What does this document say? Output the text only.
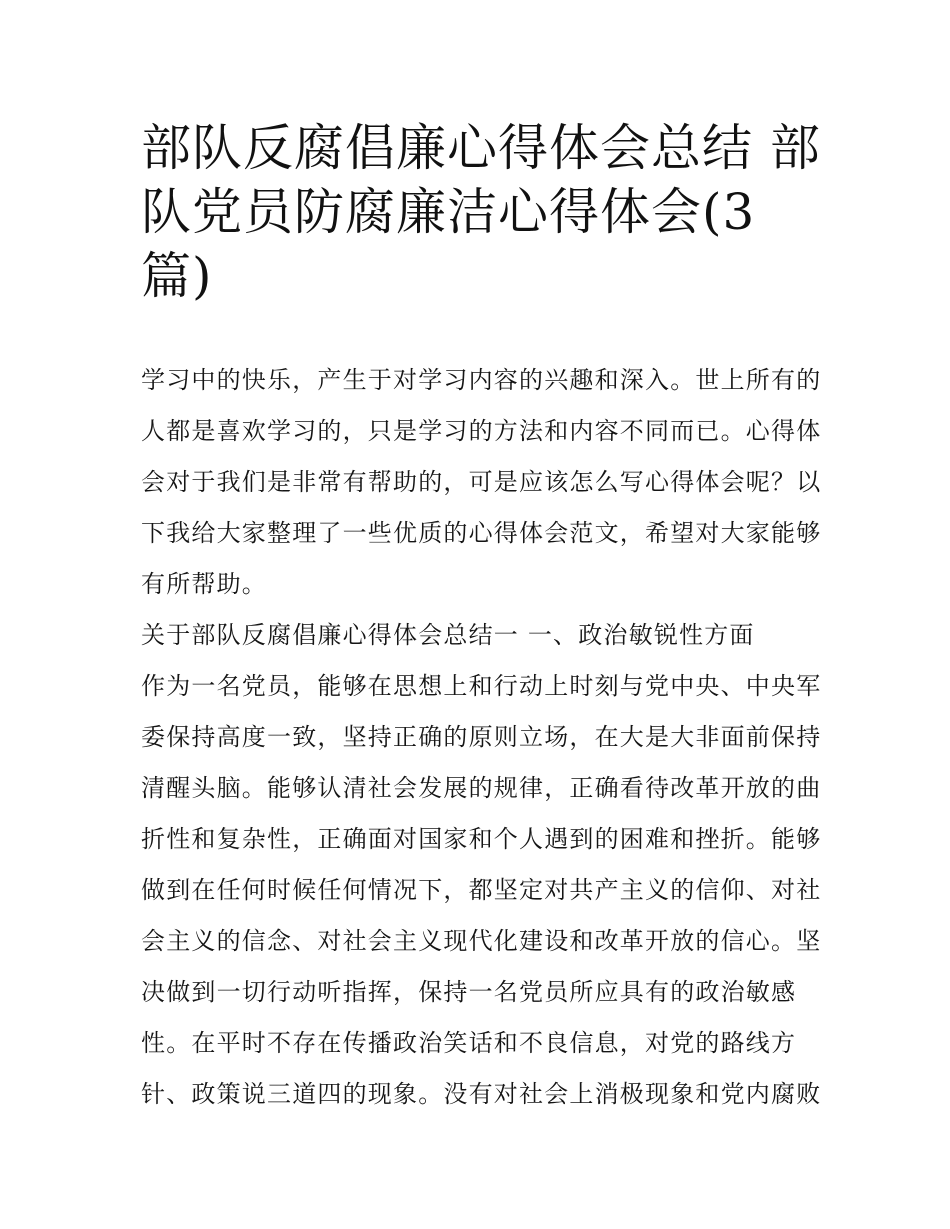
部队反腐倡廉心得体会总结 部
队党员防腐廉洁心得体会(3
篇)
学习中的快乐，产生于对学习内容的兴趣和深入。世上所有的
人都是喜欢学习的，只是学习的方法和内容不同而已。心得体
会对于我们是非常有帮助的，可是应该怎么写心得体会呢？以
下我给大家整理了一些优质的心得体会范文，希望对大家能够
有所帮助。
关于部队反腐倡廉心得体会总结一 一、政治敏锐性方面
作为一名党员，能够在思想上和行动上时刻与党中央、中央军
委保持高度一致，坚持正确的原则立场，在大是大非面前保持
清醒头脑。能够认清社会发展的规律，正确看待改革开放的曲
折性和复杂性，正确面对国家和个人遇到的困难和挫折。能够
做到在任何时候任何情况下，都坚定对共产主义的信仰、对社
会主义的信念、对社会主义现代化建设和改革开放的信心。坚
决做到一切行动听指挥，保持一名党员所应具有的政治敏感
性。在平时不存在传播政治笑话和不良信息，对党的路线方
针、政策说三道四的现象。没有对社会上消极现象和党内腐败
